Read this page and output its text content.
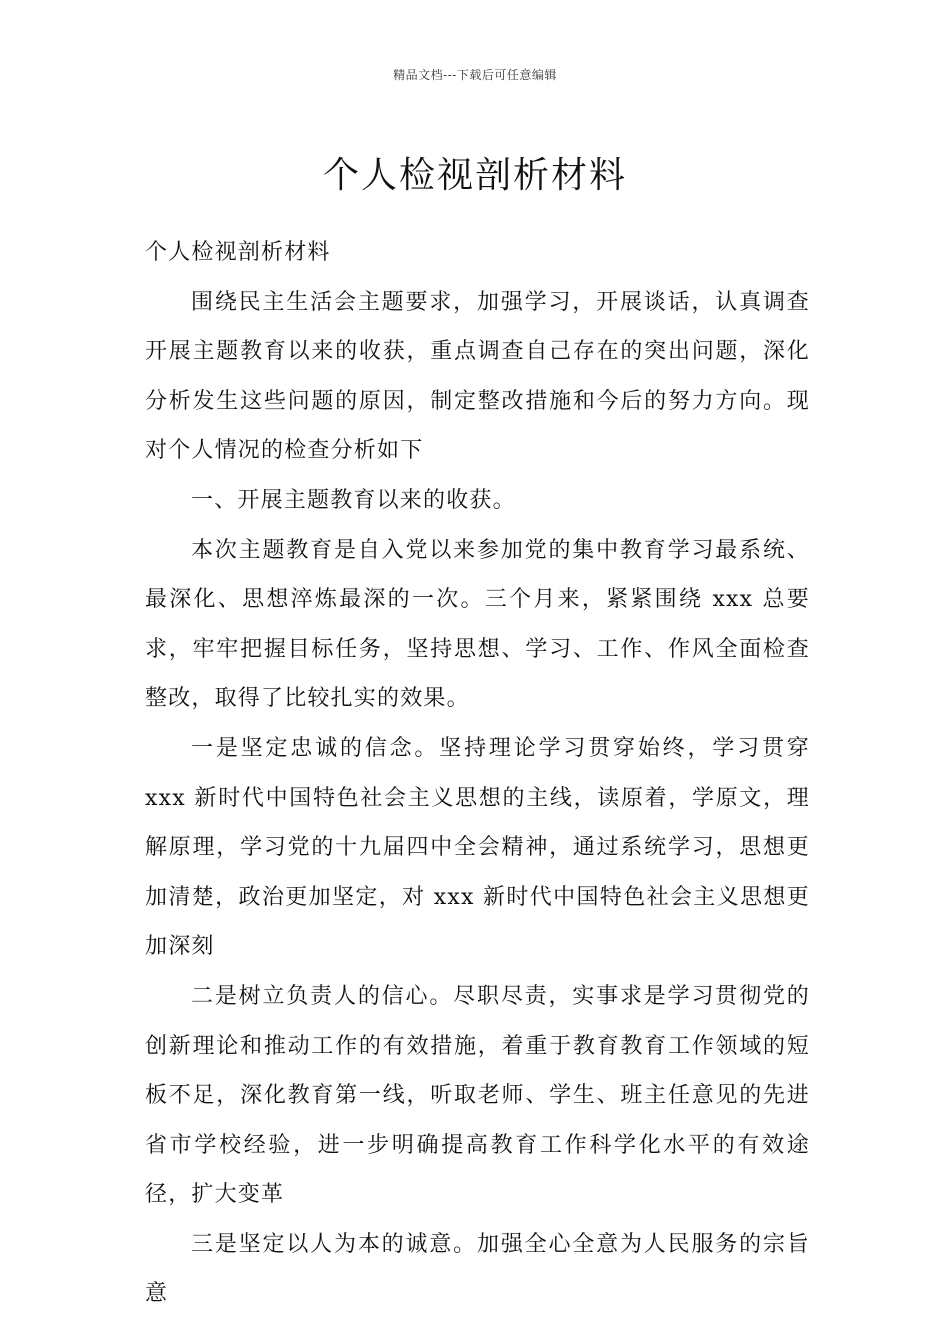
精品文档---下载后可任意编辑
个人检视剖析材料

个人检视剖析材料

围绕民主生活会主题要求，加强学习，开展谈话，认真调查开展主题教育以来的收获，重点调查自己存在的突出问题，深化分析发生这些问题的原因，制定整改措施和今后的努力方向。现对个人情况的检查分析如下

一、开展主题教育以来的收获。

本次主题教育是自入党以来参加党的集中教育学习最系统、最深化、思想淬炼最深的一次。三个月来，紧紧围绕 xxx 总要求，牢牢把握目标任务，坚持思想、学习、工作、作风全面检查整改，取得了比较扎实的效果。

一是坚定忠诚的信念。坚持理论学习贯穿始终，学习贯穿 xxx 新时代中国特色社会主义思想的主线，读原着，学原文，理解原理，学习党的十九届四中全会精神，通过系统学习，思想更加清楚，政治更加坚定，对 xxx 新时代中国特色社会主义思想更加深刻

二是树立负责人的信心。尽职尽责，实事求是学习贯彻党的创新理论和推动工作的有效措施，着重于教育教育工作领域的短板不足，深化教育第一线，听取老师、学生、班主任意见的先进省市学校经验，进一步明确提高教育工作科学化水平的有效途径，扩大变革

三是坚定以人为本的诚意。加强全心全意为人民服务的宗旨意
